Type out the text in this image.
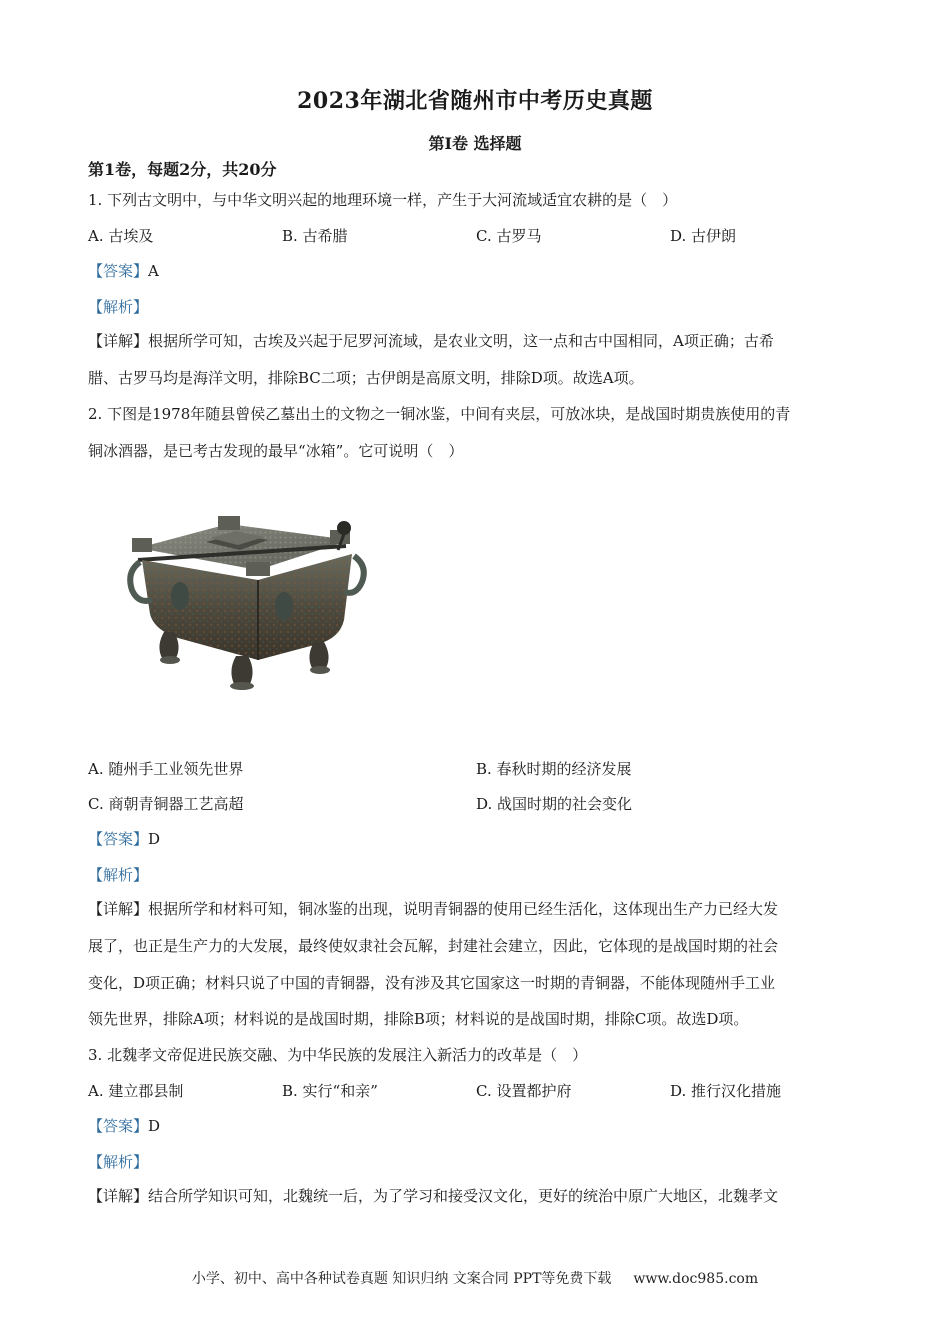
2023年湖北省随州市中考历史真题
第Ⅰ卷 选择题
第1卷，每题2分，共20分
1. 下列古文明中，与中华文明兴起的地理环境一样，产生于大河流域适宜农耕的是（　）
A. 古埃及	B. 古希腊	C. 古罗马	D. 古伊朗
【答案】A
【解析】
【详解】根据所学可知，古埃及兴起于尼罗河流域，是农业文明，这一点和古中国相同，A项正确；古希
腊、古罗马均是海洋文明，排除BC二项；古伊朗是高原文明，排除D项。故选A项。
2. 下图是1978年随县曾侯乙墓出土的文物之一铜冰鉴，中间有夹层，可放冰块，是战国时期贵族使用的青
铜冰酒器，是已考古发现的最早“冰箱”。它可说明（　）
A. 随州手工业领先世界	B. 春秋时期的经济发展
C. 商朝青铜器工艺高超	D. 战国时期的社会变化
【答案】D
【解析】
【详解】根据所学和材料可知，铜冰鉴的出现，说明青铜器的使用已经生活化，这体现出生产力已经大发
展了，也正是生产力的大发展，最终使奴隶社会瓦解，封建社会建立，因此，它体现的是战国时期的社会
变化，D项正确；材料只说了中国的青铜器，没有涉及其它国家这一时期的青铜器，不能体现随州手工业
领先世界，排除A项；材料说的是战国时期，排除B项；材料说的是战国时期，排除C项。故选D项。
3. 北魏孝文帝促进民族交融、为中华民族的发展注入新活力的改革是（　）
A. 建立郡县制	B. 实行“和亲”	C. 设置都护府	D. 推行汉化措施
【答案】D
【解析】
【详解】结合所学知识可知，北魏统一后，为了学习和接受汉文化，更好的统治中原广大地区，北魏孝文
小学、初中、高中各种试卷真题 知识归纳 文案合同 PPT等免费下载 www.doc985.com
